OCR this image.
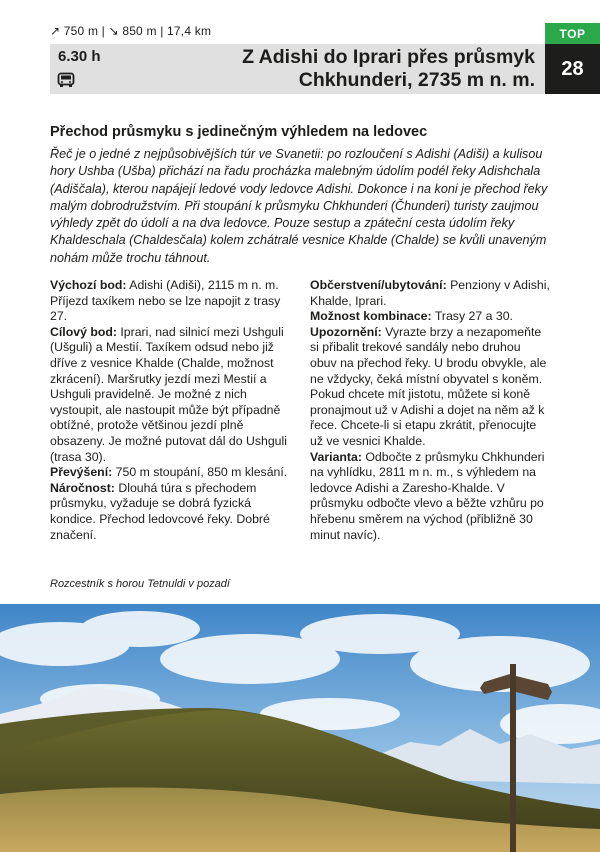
↗ 750 m | ↘ 850 m | 17,4 km	TOP
28
6.30 h	Z Adishi do Iprari přes průsmyk Chkhunderi, 2735 m n. m.
Přechod průsmyku s jedinečným výhledem na ledovec

Řeč je o jedné z nejpůsobivějších túr ve Svanetii: po rozloučení s Adishi (Adiši) a kulisou hory Ushba (Ušba) přichází na řadu procházka malebným údolím podél řeky Adishchala (Adiščala), kterou napájejí ledové vody ledovce Adishi. Dokonce i na koni je přechod řeky malým dobrodružstvím. Při stoupání k průsmyku Chkhunderi (Čhunderi) turisty zaujmou výhledy zpět do údolí a na dva ledovce. Pouze sestup a zpáteční cesta údolím řeky Khaldeschala (Chaldesčala) kolem zchátralé vesnice Khalde (Chalde) se kvůli unaveným nohám může trochu táhnout.

Výchozí bod: Adishi (Adiši), 2115 m n. m. Příjezd taxíkem nebo se lze napojit z trasy 27.

Cílový bod: Iprari, nad silnicí mezi Ushguli (Ušguli) a Mestií. Taxíkem odsud nebo již dříve z vesnice Khalde (Chalde, možnost zkrácení). Maršrutky jezdí mezi Mestií a Ushguli pravidelně. Je možné z nich vystoupit, ale nastoupit může být případně obtížné, protože většinou jezdí plně obsazeny. Je možné putovat dál do Ushguli (trasa 30).

Převýšení: 750 m stoupání, 850 m klesání.

Náročnost: Dlouhá túra s přechodem průsmyku, vyžaduje se dobrá fyzická kondice. Přechod ledovcové řeky. Dobré značení.

Občerstvení/ubytování: Penziony v Adishi, Khalde, Iprari.

Možnost kombinace: Trasy 27 a 30.

Upozornění: Vyrazte brzy a nezapomeňte si přibalit trekové sandály nebo druhou obuv na přechod řeky. U brodu obvykle, ale ne vždycky, čeká místní obyvatel s koněm. Pokud chcete mít jistotu, můžete si koně pronajmout už v Adishi a dojet na něm až k řece. Chcete-li si etapu zkrátit, přenocujte už ve vesnici Khalde.

Varianta: Odbočte z průsmyku Chkhunderi na vyhlídku, 2811 m n. m., s výhledem na ledovce Adishi a Zaresho-Khalde. V průsmyku odbočte vlevo a běžte vzhůru po hřebenu směrem na východ (přibližně 30 minut navíc).

Rozcestník s horou Tetnuldi v pozadí
